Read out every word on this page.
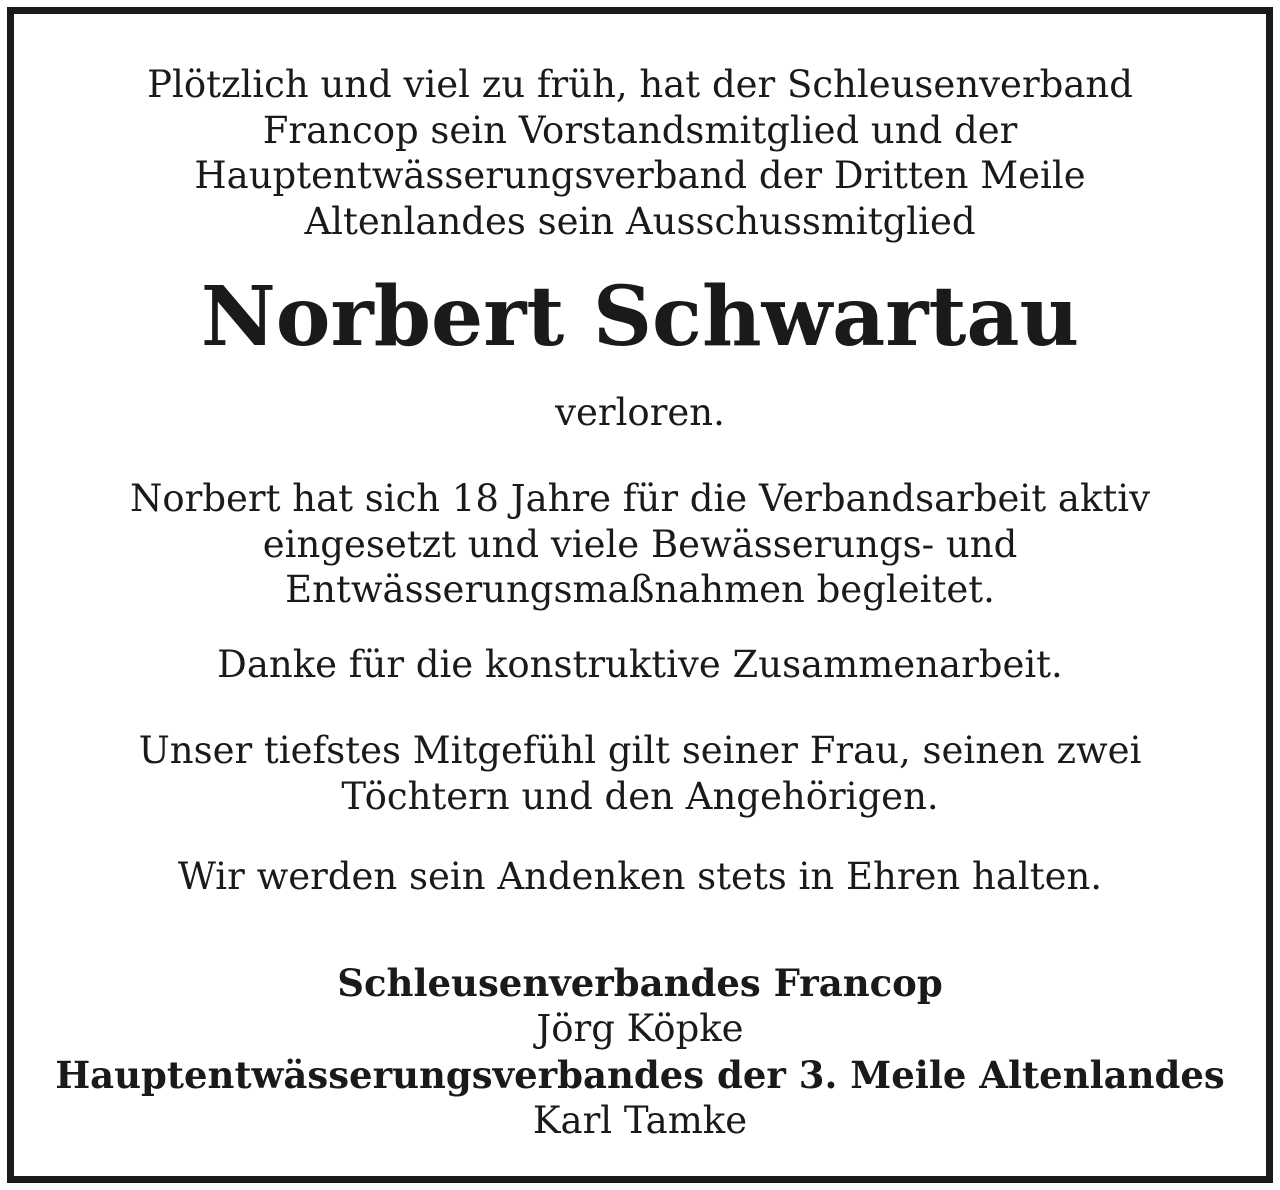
Plötzlich und viel zu früh, hat der Schleusenverband
Francop sein Vorstandsmitglied und der
Hauptentwässerungsverband der Dritten Meile
Altenlandes sein Ausschussmitglied
Norbert Schwartau
verloren.
Norbert hat sich 18 Jahre für die Verbandsarbeit aktiv
eingesetzt und viele Bewässerungs- und
Entwässerungsmaßnahmen begleitet.
Danke für die konstruktive Zusammenarbeit.
Unser tiefstes Mitgefühl gilt seiner Frau, seinen zwei
Töchtern und den Angehörigen.
Wir werden sein Andenken stets in Ehren halten.
Schleusenverbandes Francop
Jörg Köpke
Hauptentwässerungsverbandes der 3. Meile Altenlandes
Karl Tamke
